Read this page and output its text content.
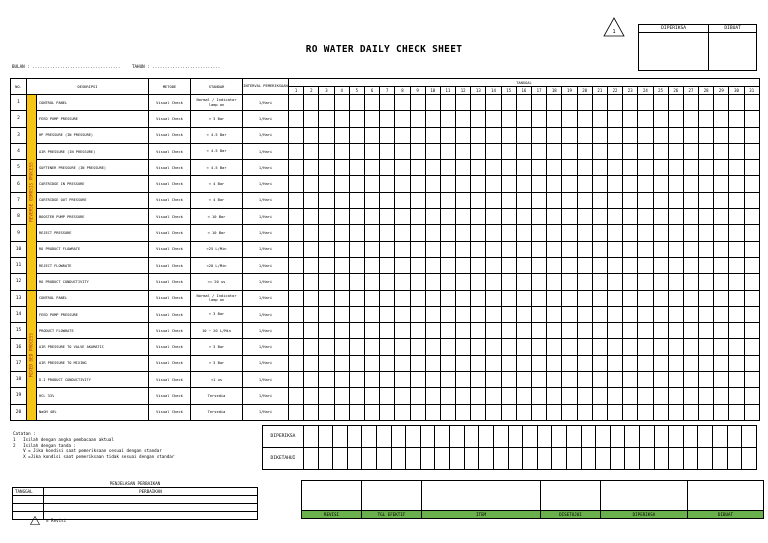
1
DIPERIKSA	DIBUAT

RO WATER DAILY CHECK SHEET
BULAN : ...................................	TAHUN : ...........................
NO.	DESKRIPSI		METODE	STANDAR	INTERVAL PEMERIKSAAN	TANGGAL																														
						1	2	3	4	5	6	7	8	9	10	11	12	13	14	15	16	17	18	19	20	21	22	23	24	25	26	27	28	29	30	31
1	REVERSE OSMOSIS PROCESS	CONTROL PANEL	Visual Check	Normal / Indicator lamp on	1/Hari																															
2		FEED PUMP PRESSURE	Visual Check	< 3 Bar	1/Hari																															
3		HP PRESSURE (IN PRESSURE)	Visual Check	< 4.5 Bar	1/Hari																															
4		AIR PRESSURE (IN PRESSURE)	Visual Check	< 4.5 Bar	1/Hari																															
5		SOFTENER PRESSURE (IN PRESSURE)	Visual Check	< 4.5 Bar	1/Hari																															
6		CARTRIDGE IN PRESSURE	Visual Check	< 4 Bar	1/Hari																															
7		CARTRIDGE OUT PRESSURE	Visual Check	< 4 Bar	1/Hari																															
8		BOOSTER PUMP PRESSURE	Visual Check	< 10 Bar	1/Hari																															
9		REJECT PRESSURE	Visual Check	< 10 Bar	1/Hari																															
10		RO PRODUCT FLOWRATE	Visual Check	>25 L/Min	1/Hari																															
11		REJECT FLOWRATE	Visual Check	<20 L/Min	1/Hari																															
12		RO PRODUCT CONDUCTIVITY	Visual Check	<= 20 us	1/Hari																															
13	MIXED BED PROCESS	CONTROL PANEL	Visual Check	Normal / Indicator lamp on	1/Hari																															
14		FEED PUMP PRESSURE	Visual Check	< 3 Bar	1/Hari																															
15		PRODUCT FLOWRATE	Visual Check	10 ~ 20 L/Min	1/Hari																															
16		AIR PRESSURE TO VALVE AKAMATIC	Visual Check	< 3 Bar	1/Hari																															
17		AIR PRESSURE TO MIXING	Visual Check	< 3 Bar	1/Hari																															
18		D.I PRODUCT CONDUCTIVITY	Visual Check	<1 us	1/Hari																															
19		HCL 33%	Visual Check	Tersedia	1/Hari																															
20		NaOH 40%	Visual Check	Tersedia	1/Hari																															
Catatan :
1   Isilah dengan angka pembacaan aktual
2   Isilah dengan tanda :
V = Jika kondisi saat pemeriksaan sesuai dengan standar
X =Jika kondisi saat pemeriksaan tidak sesuai dengan standar
DIPERIKSA																															
DIKETAHUI																															
PENJELASAN PERBAIKAN	
TANGGAL	PERBAIKAN

REVISI	TGL EFEKTIF	ITEM	DISETUJUI	DIPERIKSA	DIBUAT
= Revisi
